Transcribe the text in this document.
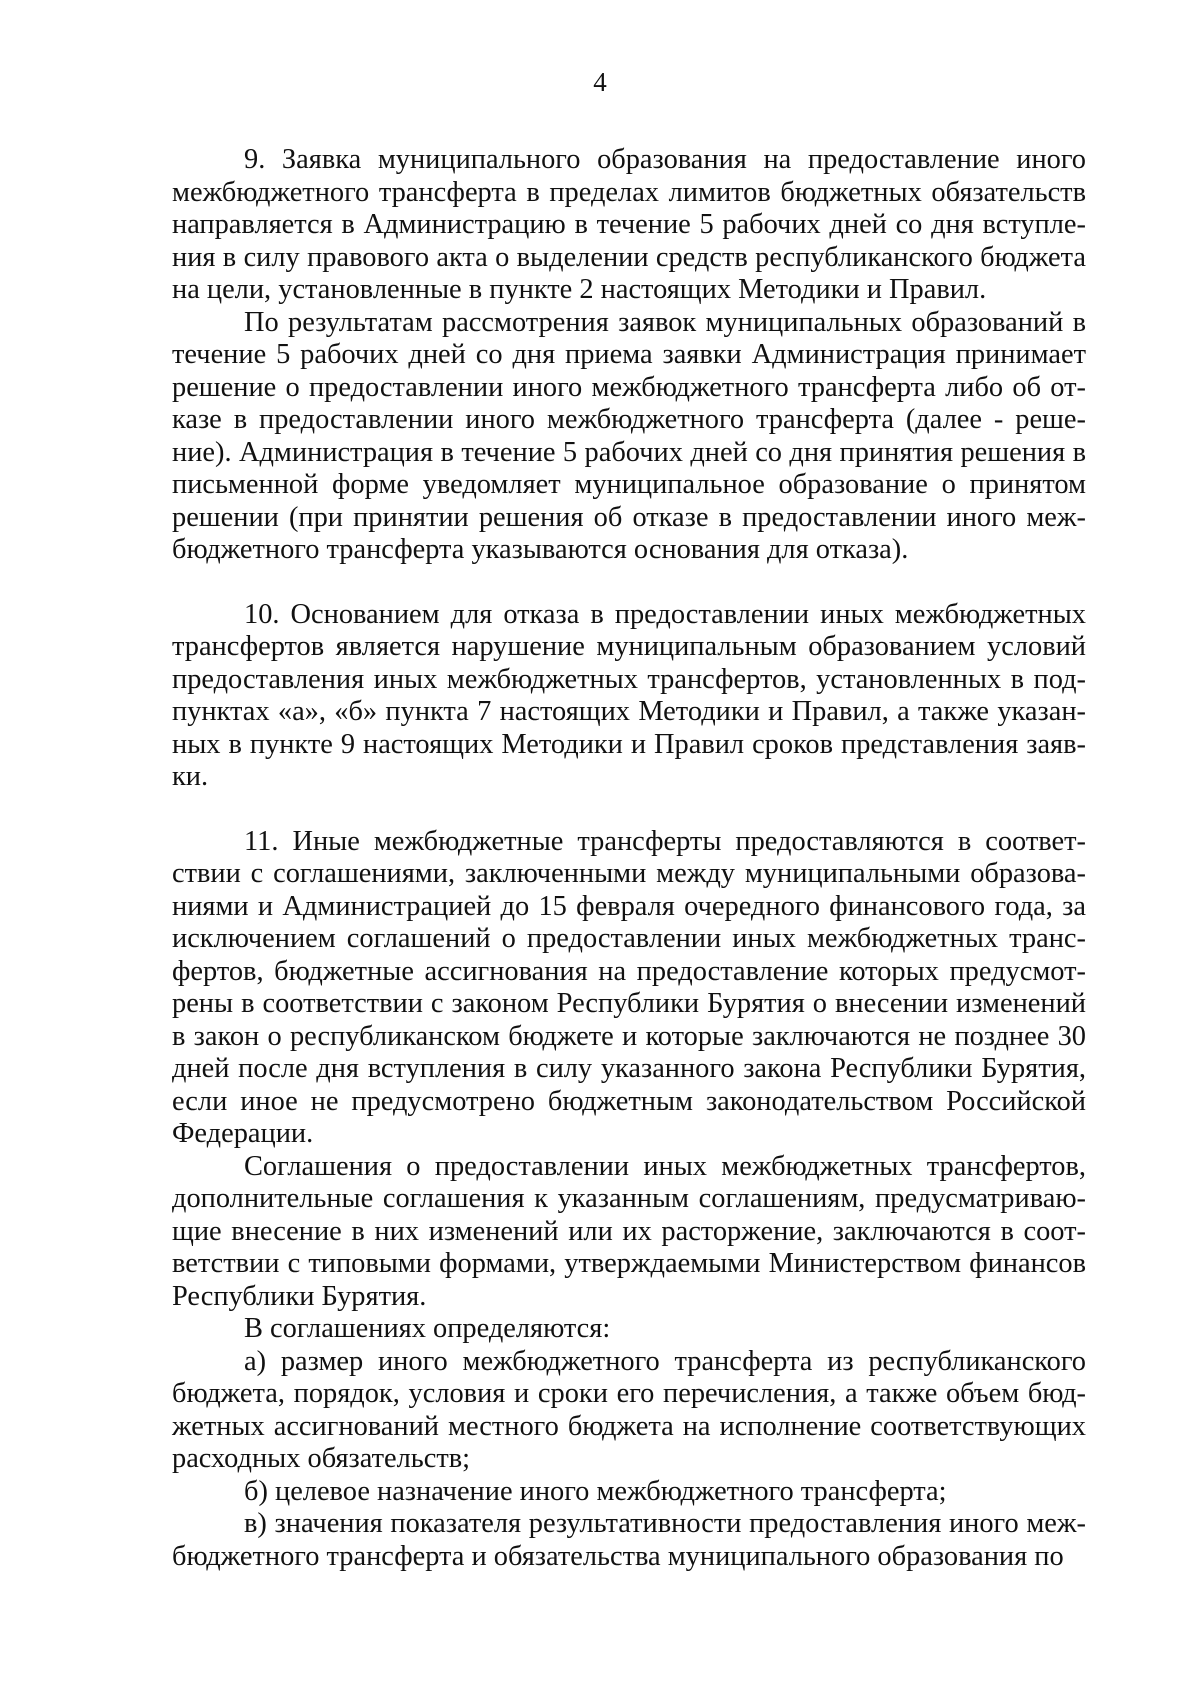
4

9. Заявка муниципального образования на предоставление иного межбюджетного трансферта в пределах лимитов бюджетных обязательств направляется в Администрацию в течение 5 рабочих дней со дня вступления в силу правового акта о выделении средств республиканского бюджета на цели, установленные в пункте 2 настоящих Методики и Правил.

По результатам рассмотрения заявок муниципальных образований в течение 5 рабочих дней со дня приема заявки Администрация принимает решение о предоставлении иного межбюджетного трансферта либо об отказе в предоставлении иного межбюджетного трансферта (далее - решение). Администрация в течение 5 рабочих дней со дня принятия решения в письменной форме уведомляет муниципальное образование о принятом решении (при принятии решения об отказе в предоставлении иного межбюджетного трансферта указываются основания для отказа).

10. Основанием для отказа в предоставлении иных межбюджетных трансфертов является нарушение муниципальным образованием условий предоставления иных межбюджетных трансфертов, установленных в подпунктах «а», «б» пункта 7 настоящих Методики и Правил, а также указанных в пункте 9 настоящих Методики и Правил сроков представления заявки.

11. Иные межбюджетные трансферты предоставляются в соответствии с соглашениями, заключенными между муниципальными образованиями и Администрацией до 15 февраля очередного финансового года, за исключением соглашений о предоставлении иных межбюджетных трансфертов, бюджетные ассигнования на предоставление которых предусмотрены в соответствии с законом Республики Бурятия о внесении изменений в закон о республиканском бюджете и которые заключаются не позднее 30 дней после дня вступления в силу указанного закона Республики Бурятия, если иное не предусмотрено бюджетным законодательством Российской Федерации.

Соглашения о предоставлении иных межбюджетных трансфертов, дополнительные соглашения к указанным соглашениям, предусматривающие внесение в них изменений или их расторжение, заключаются в соответствии с типовыми формами, утверждаемыми Министерством финансов Республики Бурятия.

В соглашениях определяются:

а) размер иного межбюджетного трансферта из республиканского бюджета, порядок, условия и сроки его перечисления, а также объем бюджетных ассигнований местного бюджета на исполнение соответствующих расходных обязательств;

б) целевое назначение иного межбюджетного трансферта;

в) значения показателя результативности предоставления иного межбюджетного трансферта и обязательства муниципального образования по
